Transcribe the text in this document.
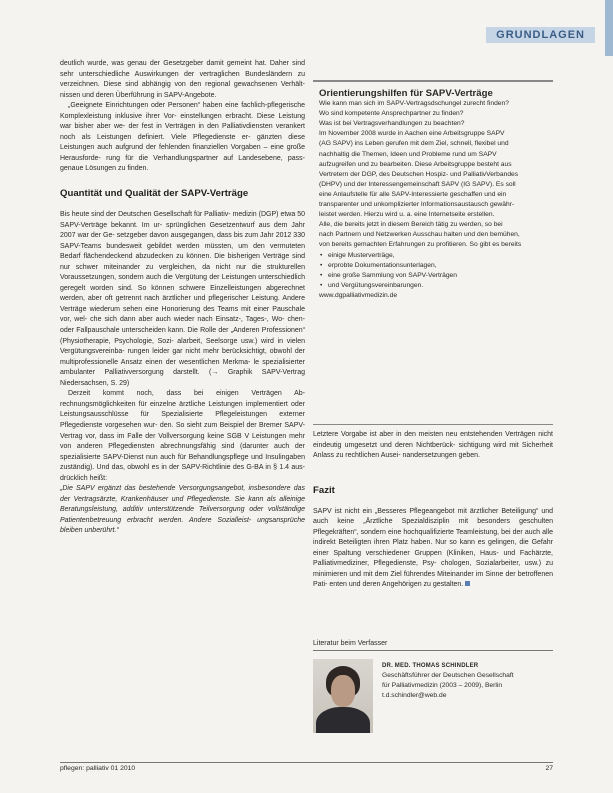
GRUNDLAGEN

deutlich wurde, was genau der Gesetzgeber damit gemeint hat. Daher sind sehr unterschiedliche Auswirkungen der vertraglichen Bundesländern zu verzeichnen. Diese sind abhängig von den regional gewachsenen Verhält- nissen und deren Überführung in SAPV-Angebote.

„Geeignete Einrichtungen oder Personen“ haben eine fachlich-pflegerische Komplexleistung inklusive ihrer Vor- einstellungen erbracht. Diese Leistung war bisher aber we- der fest in Verträgen in den Palliativdiensten verankert noch als Leistungen definiert. Viele Pflegedienste er- gänzten diese Leistungen auch aufgrund der fehlenden finanziellen Vorgaben – eine große Herausforde- rung für die Verhandlungspartner auf Landesebene, pass- genaue Lösungen zu finden.

Quantität und Qualität der SAPV-Verträge

Bis heute sind der Deutschen Gesellschaft für Palliativ- medizin (DGP) etwa 50 SAPV-Verträge bekannt. Im ur- sprünglichen Gesetzentwurf aus dem Jahr 2007 war der Ge- setzgeber davon ausgegangen, dass bis zum Jahr 2012 330 SAPV-Teams bundesweit gebildet werden müssten, um den vermuteten Bedarf flächendeckend abzudecken zu können. Die bisherigen Verträge sind nur schwer miteinander zu vergleichen, da nicht nur die strukturellen Voraussetzungen, sondern auch die Vergütung der Leistungen unterschiedlich geregelt worden sind. So können schwere Einzelleistungen abgerechnet werden, aber oft getrennt nach ärztlicher und pflegerischer Leistung. Andere Verträge wiederum sehen eine Honorierung des Teams mit einer Pauschale vor, wel- che sich dann aber auch wieder nach Einsatz-, Tages-, Wo- chen- oder Fallpauschale unterscheiden kann. Die Rolle der „Anderen Professionen“ (Physiotherapie, Psychologie, Sozi- alarbeit, Seelsorge usw.) wird in vielen Vergütungsvereinba- rungen leider gar nicht mehr berücksichtigt, obwohl der multiprofessionelle Ansatz einen der wesentlichen Merkma- le spezialisierter ambulanter Palliativversorgung darstellt. (→ Graphik SAPV-Vertrag Niedersachsen, S. 29)

Derzeit kommt noch, dass bei einigen Verträgen Ab- rechnungsmöglichkeiten für einzelne ärztliche Leistungen implementiert oder Leistungsausschlüsse für Spezialisierte Pflegeleistungen externer Pflegedienste vorgesehen wur- den. So sieht zum Beispiel der Bremer SAPV-Vertrag vor, dass im Falle der Vollversorgung keine SGB V Leistungen mehr von anderen Pflegediensten abrechnungsfähig sind (darunter auch der spezialisierte SAPV-Dienst nun auch für Behandlungspflege und Insulingaben zuständig). Und das, obwohl es in der SAPV-Richtlinie des G-BA in § 1.4 aus- drücklich heißt:

„Die SAPV ergänzt das bestehende Versorgungsangebot, insbesondere das der Vertragsärzte, Krankenhäuser und Pflegedienste. Sie kann als alleinige Beratungsleistung, additiv unterstützende Teilversorgung oder vollständige Patientenbetreuung erbracht werden. Andere Sozialleist- ungsansprüche bleiben unberührt.“

Orientierungshilfen für SAPV-Verträge

Wie kann man sich im SAPV-Vertragsdschungel zurecht finden?
Wo sind kompetente Ansprechpartner zu finden?
Was ist bei Vertragsverhandlungen zu beachten?

Im November 2008 wurde in Aachen eine Arbeitsgruppe SAPV
(AG SAPV) ins Leben gerufen mit dem Ziel, schnell, flexibel und
nachhaltig die Themen, Ideen und Probleme rund um SAPV
aufzugreifen und zu bearbeiten. Diese Arbeitsgruppe besteht aus
Vertretern der DGP, des Deutschen Hospiz- und PalliativVerbandes
(DHPV) und der Interessengemeinschaft SAPV (IG SAPV). Es soll
eine Anlaufstelle für alle SAPV-Interessierte geschaffen und ein
transparenter und unkomplizierter Informationsaustausch gewähr-
leistet werden. Hierzu wird u. a. eine Internetseite erstellen.
Alle, die bereits jetzt in diesem Bereich tätig zu werden, so bei
nach Partnern und Netzwerken Ausschau halten und den bemühen,
von bereits gemachten Erfahrungen zu profitieren. So gibt es bereits

• einige Musterverträge,
• erprobte Dokumentationsunterlagen,
• eine große Sammlung von SAPV-Verträgen
• und Vergütungsvereinbarungen.

www.dgpalliativmedizin.de

Letztere Vorgabe ist aber in den meisten neu entstehenden Verträgen nicht eindeutig umgesetzt und deren Nichtberück- sichtigung wird mit Sicherheit Anlass zu rechtlichen Ausei- nandersetzungen geben.

Fazit

SAPV ist nicht ein „Besseres Pflegeangebot mit ärztlicher Beteiligung“ und auch keine „Ärztliche Spezialdisziplin mit besonders geschulten Pflegekräften“, sondern eine hochqualifizierte Teamleistung, bei der auch alle indirekt Beteiligten ihren Platz haben. Nur so kann es gelingen, die Gefahr einer Spaltung verschiedener Gruppen (Kliniken, Haus- und Fachärzte, Palliativmediziner, Pflegedienste, Psy- chologen, Sozialarbeiter, usw.) zu minimieren und mit dem Ziel führendes Miteinander im Sinne der betroffenen Pati- enten und deren Angehörigen zu gestalten.

Literatur beim Verfasser
DR. MED. THOMAS SCHINDLER
Geschäftsführer der Deutschen Gesellschaft
für Palliativmedizin (2003 – 2009), Berlin
t.d.schindler@web.de
pflegen: palliativ 01 2010	27
